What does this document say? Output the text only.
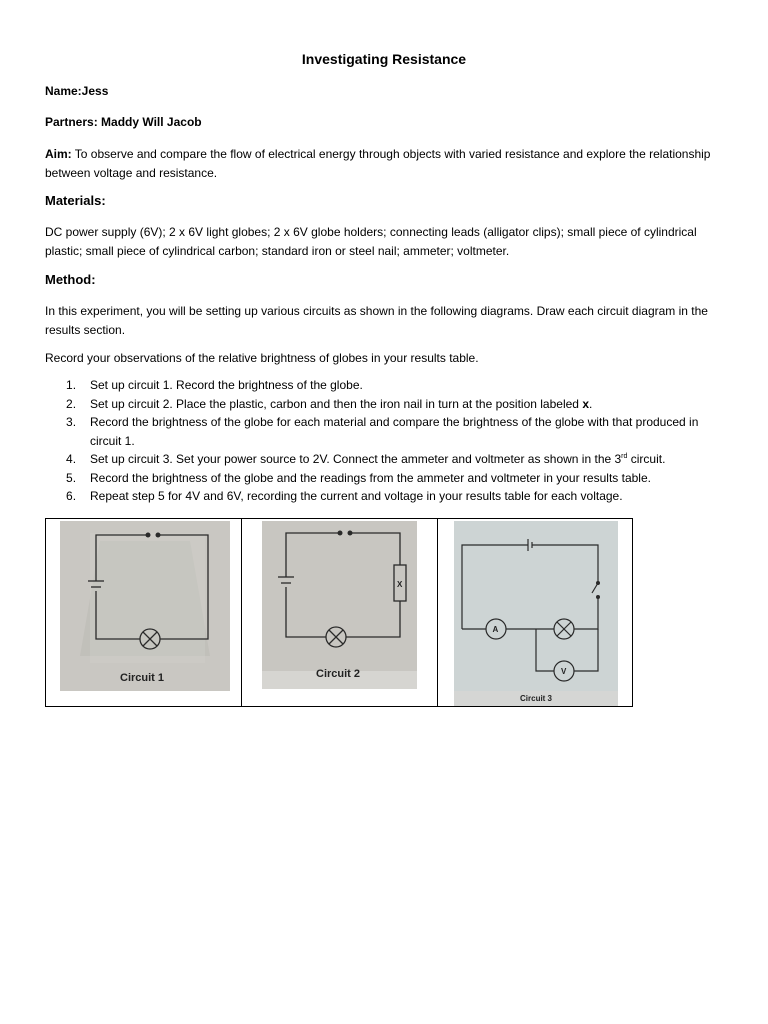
Investigating Resistance
Name:Jess
Partners: Maddy Will Jacob
Aim: To observe and compare the flow of electrical energy through objects with varied resistance and explore the relationship between voltage and resistance.
Materials:
DC power supply (6V); 2 x 6V light globes; 2 x 6V globe holders; connecting leads (alligator clips); small piece of cylindrical plastic; small piece of cylindrical carbon; standard iron or steel nail; ammeter; voltmeter.
Method:
In this experiment, you will be setting up various circuits as shown in the following diagrams. Draw each circuit diagram in the results section.
Record your observations of the relative brightness of globes in your results table.
Set up circuit 1. Record the brightness of the globe.
Set up circuit 2. Place the plastic, carbon and then the iron nail in turn at the position labeled x.
Record the brightness of the globe for each material and compare the brightness of the globe with that produced in circuit 1.
Set up circuit 3. Set your power source to 2V. Connect the ammeter and voltmeter as shown in the 3rd circuit.
Record the brightness of the globe and the readings from the ammeter and voltmeter in your results table.
Repeat step 5 for 4V and 6V, recording the current and voltage in your results table for each voltage.
Circuit 1
X
Circuit 2
A
V
Circuit 3
